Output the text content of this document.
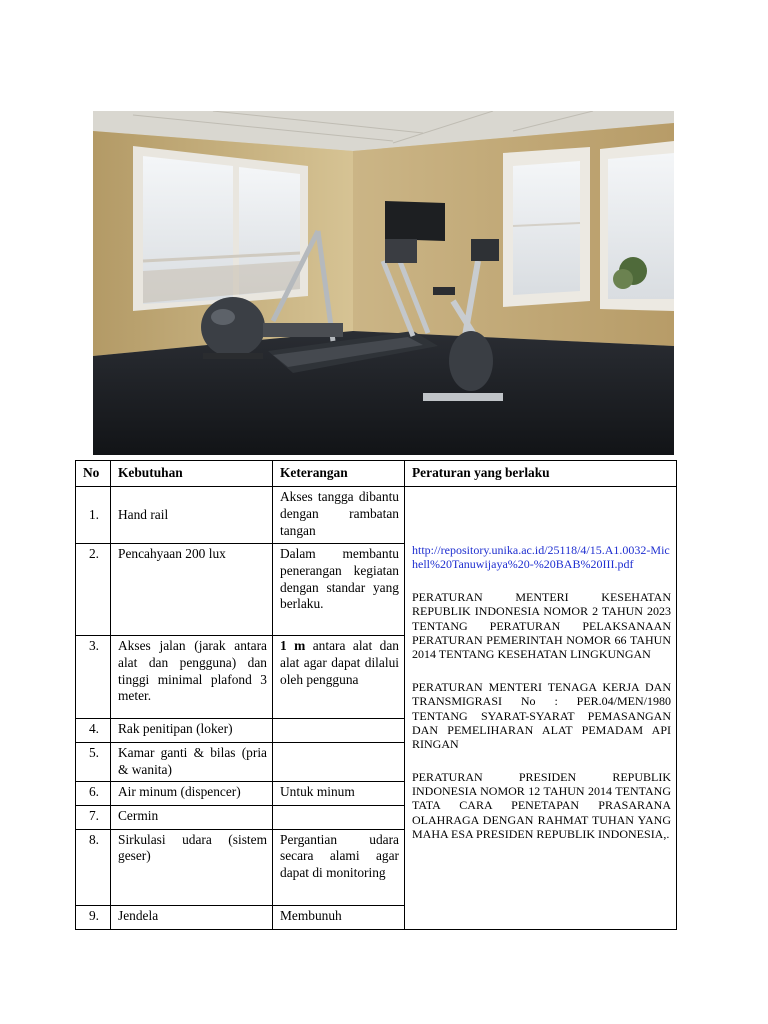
No	Kebutuhan	Keterangan	Peraturan yang berlaku
1.	Hand rail	Akses tangga dibantu dengan rambatan tangan	http://repository.unika.ac.id/25118/4/15.A1.0032-Michell%20Tanuwijaya%20-%20BAB%20III.pdf
PERATURAN MENTERI KESEHATAN REPUBLIK INDONESIA NOMOR 2 TAHUN 2023 TENTANG PERATURAN PELAKSANAAN PERATURAN PEMERINTAH NOMOR 66 TAHUN 2014 TENTANG KESEHATAN LINGKUNGAN
PERATURAN MENTERI TENAGA KERJA DAN TRANSMIGRASI No : PER.04/MEN/1980 TENTANG SYARAT-SYARAT PEMASANGAN DAN PEMELIHARAN ALAT PEMADAM API RINGAN
PERATURAN PRESIDEN REPUBLIK INDONESIA NOMOR 12 TAHUN 2014 TENTANG TATA CARA PENETAPAN PRASARANA OLAHRAGA DENGAN RAHMAT TUHAN YANG MAHA ESA PRESIDEN REPUBLIK INDONESIA,.

2.	Pencahyaan 200 lux	Dalam membantu penerangan kegiatan dengan standar yang berlaku.	
3.	Akses jalan (jarak antara alat dan pengguna) dan tinggi minimal plafond 3 meter.	1 m antara alat dan alat agar dapat dilalui oleh pengguna	
4.	Rak penitipan (loker)		
5.	Kamar ganti & bilas (pria & wanita)		
6.	Air minum (dispencer)	Untuk minum	
7.	Cermin		
8.	Sirkulasi udara (sistem geser)	Pergantian udara secara alami agar dapat di monitoring	
9.	Jendela	Membunuh	
